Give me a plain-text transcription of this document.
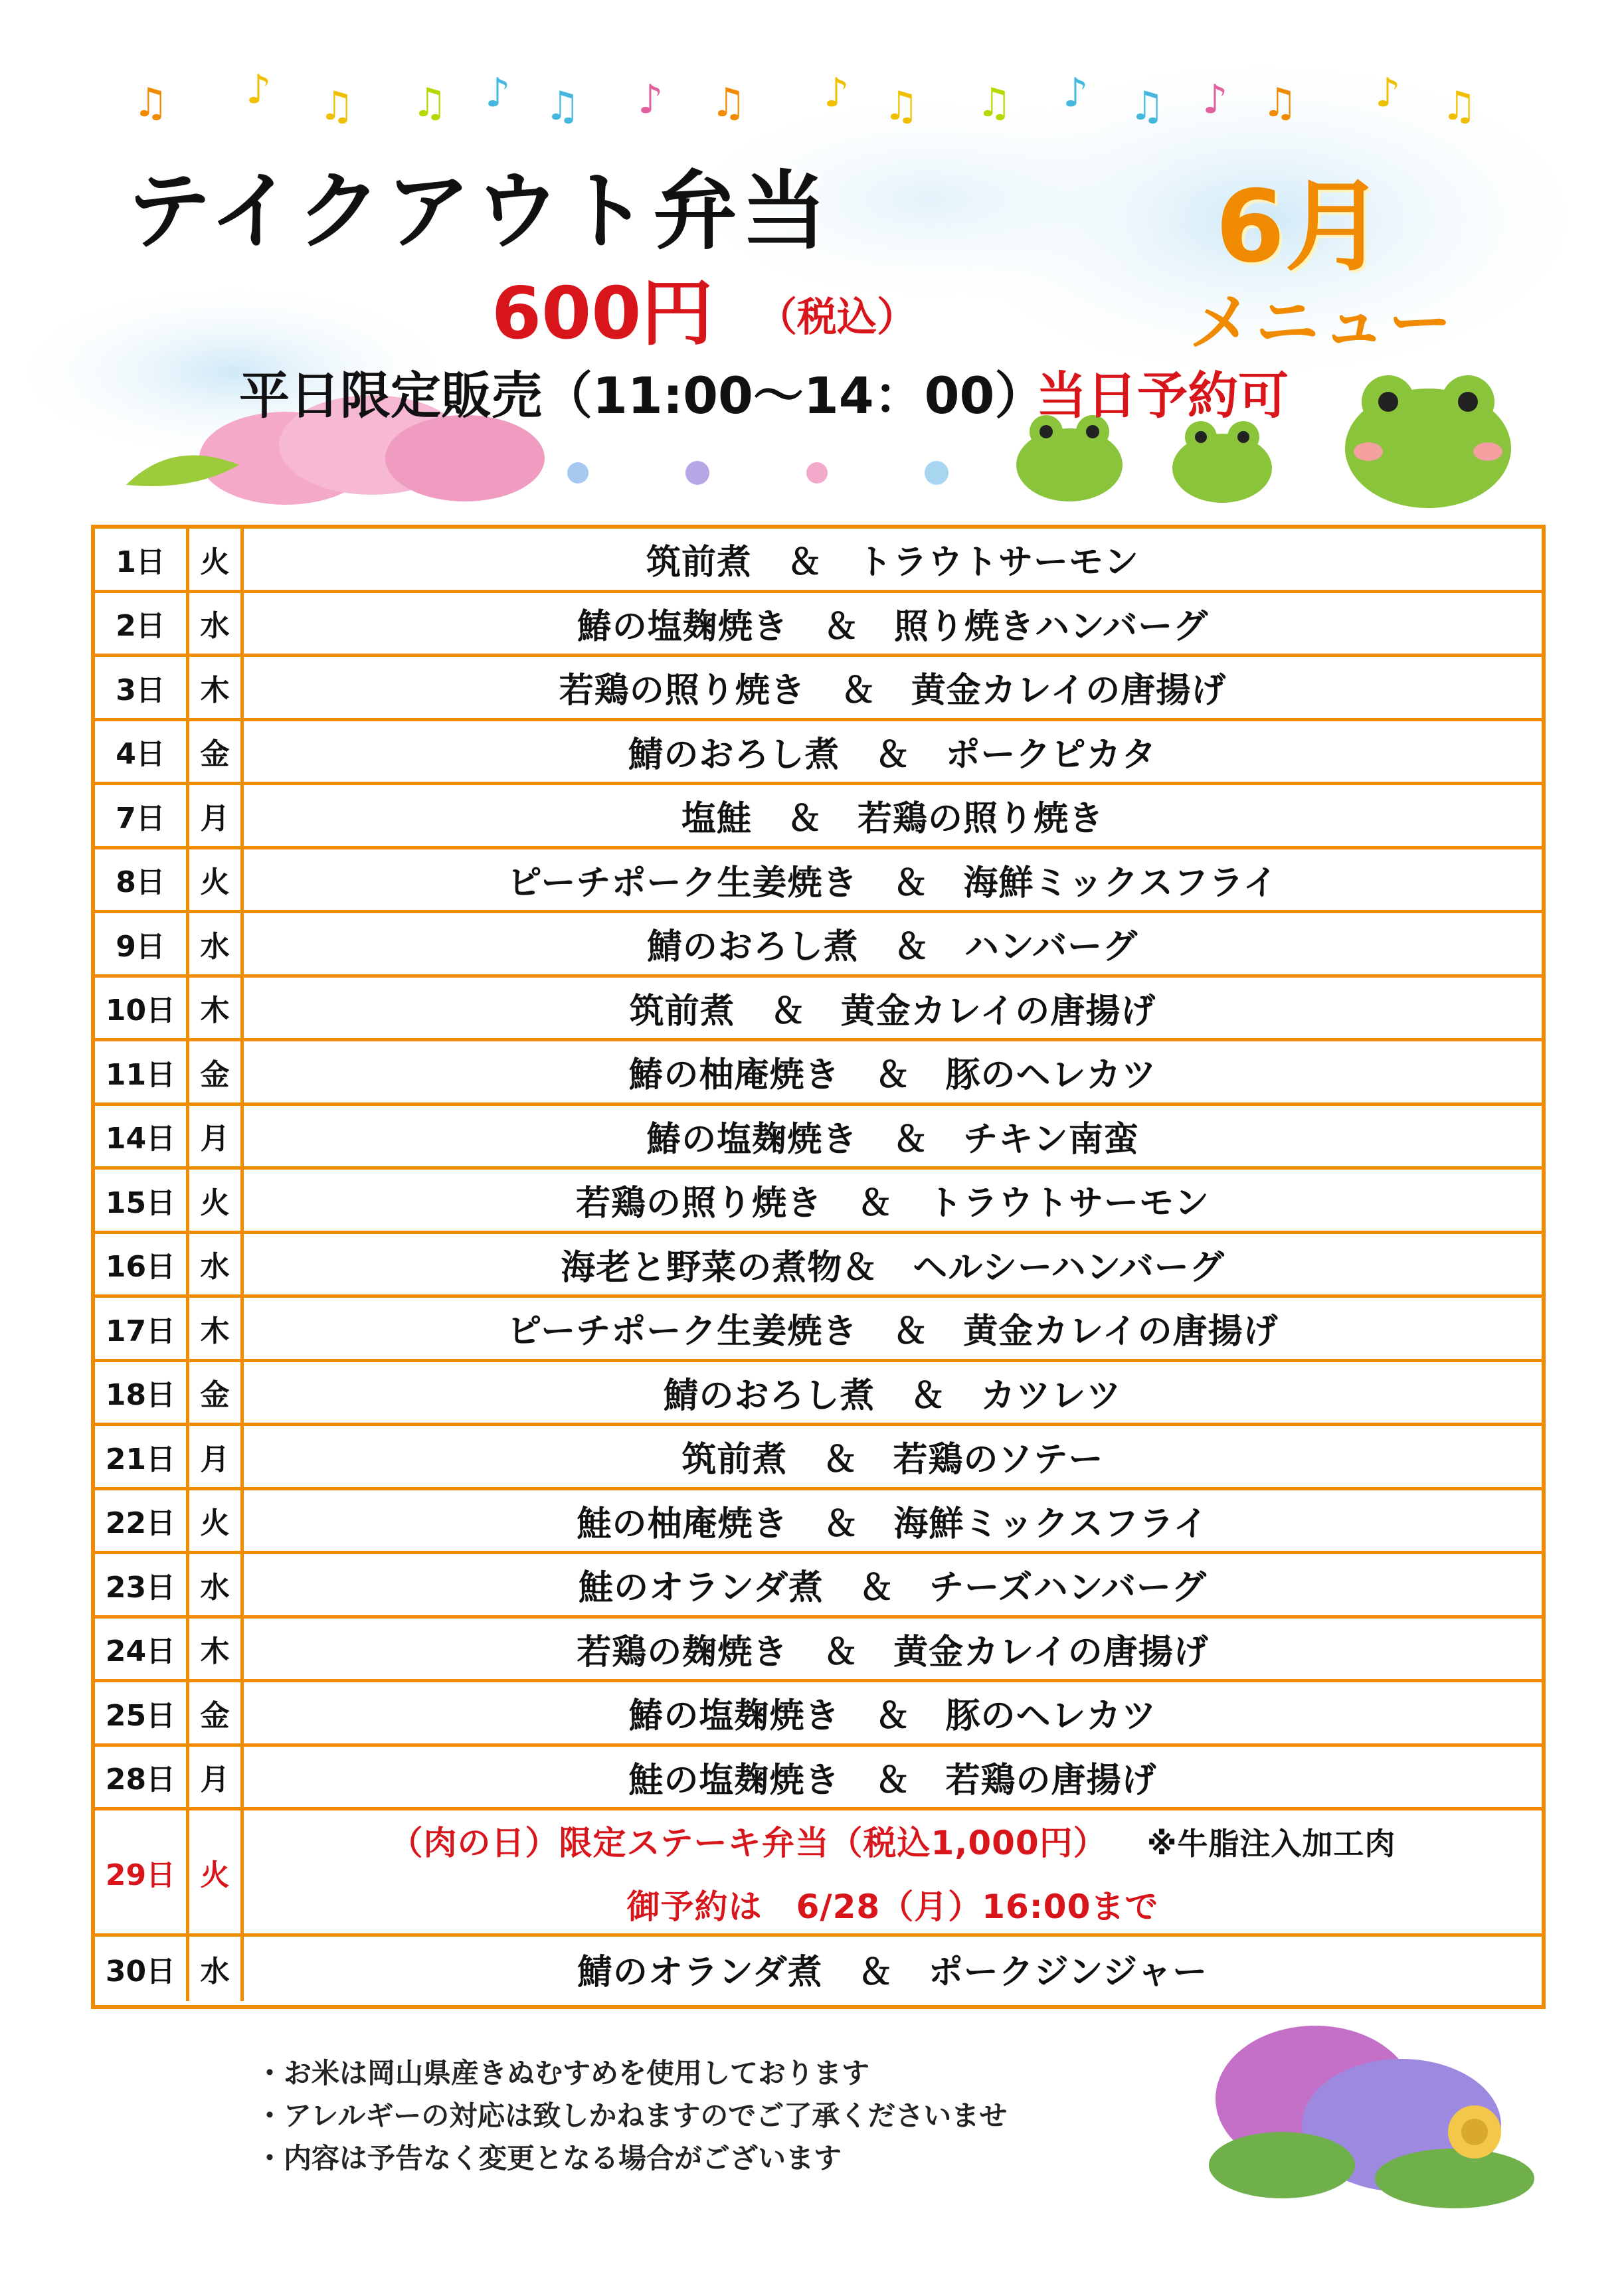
♫ ♪ ♫ ♫ ♪ ♫ ♪ ♫ ♪ ♫ ♫ ♪ ♫ ♪ ♫ ♪ ♫
テイクアウト弁当
600円 （税込）
平日限定販売（11:00～14：00）
当日予約可
6月
メニュー
1日	火	筑前煮　＆　トラウトサーモン
2日	水	鰆の塩麹焼き　＆　照り焼きハンバーグ
3日	木	若鶏の照り焼き　＆　黄金カレイの唐揚げ
4日	金	鯖のおろし煮　＆　ポークピカタ
7日	月	塩鮭　＆　若鶏の照り焼き
8日	火	ピーチポーク生姜焼き　＆　海鮮ミックスフライ
9日	水	鯖のおろし煮　＆　ハンバーグ
10日 木	筑前煮　＆　黄金カレイの唐揚げ
11日 金	鰆の柚庵焼き　＆　豚のヘレカツ
14日 月	鰆の塩麹焼き　＆　チキン南蛮
15日 火	若鶏の照り焼き　＆　トラウトサーモン
16日 水	海老と野菜の煮物＆　ヘルシーハンバーグ
17日 木	ピーチポーク生姜焼き　＆　黄金カレイの唐揚げ
18日 金	鯖のおろし煮　＆　カツレツ
21日 月	筑前煮　＆　若鶏のソテー
22日 火	鮭の柚庵焼き　＆　海鮮ミックスフライ
23日 水	鮭のオランダ煮　＆　チーズハンバーグ
24日 木	若鶏の麹焼き　＆　黄金カレイの唐揚げ
25日 金	鰆の塩麹焼き　＆　豚のヘレカツ
28日 月	鮭の塩麹焼き　＆　若鶏の唐揚げ
29日 火
（肉の日）限定ステーキ弁当（税込1,000円） ※牛脂注入加工肉
御予約は　6/28（月）16:00まで
30日 水	鯖のオランダ煮　＆　ポークジンジャー
・お米は岡山県産きぬむすめを使用しております
・アレルギーの対応は致しかねますのでご了承くださいませ
・内容は予告なく変更となる場合がございます
